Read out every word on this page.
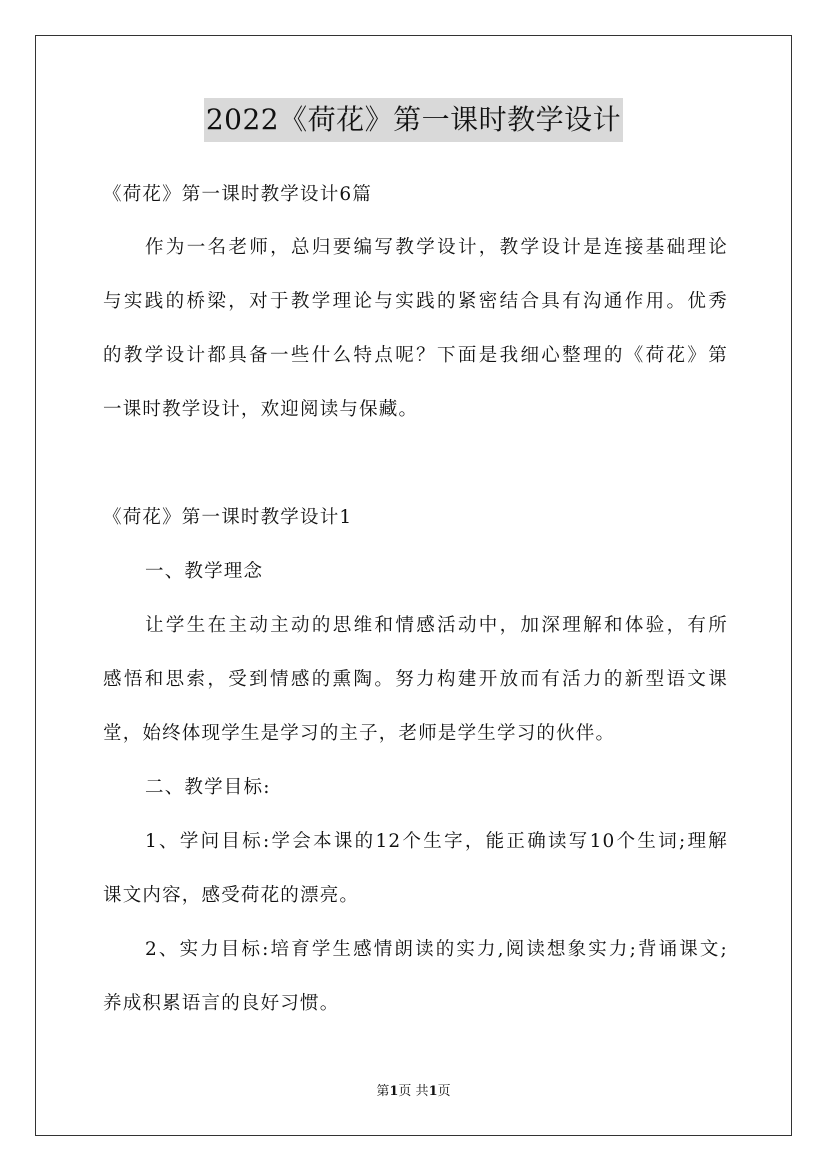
2022《荷花》第一课时教学设计
《荷花》第一课时教学设计6篇
作为一名老师，总归要编写教学设计，教学设计是连接基础理论
与实践的桥梁，对于教学理论与实践的紧密结合具有沟通作用。优秀
的教学设计都具备一些什么特点呢？下面是我细心整理的《荷花》第
一课时教学设计，欢迎阅读与保藏。
《荷花》第一课时教学设计1
一、教学理念
让学生在主动主动的思维和情感活动中，加深理解和体验，有所
感悟和思索，受到情感的熏陶。努力构建开放而有活力的新型语文课
堂，始终体现学生是学习的主子，老师是学生学习的伙伴。
二、教学目标:
1、学问目标:学会本课的12个生字，能正确读写10个生词;理解
课文内容，感受荷花的漂亮。
2、实力目标:培育学生感情朗读的实力,阅读想象实力;背诵课文;
养成积累语言的良好习惯。
第1页 共1页
